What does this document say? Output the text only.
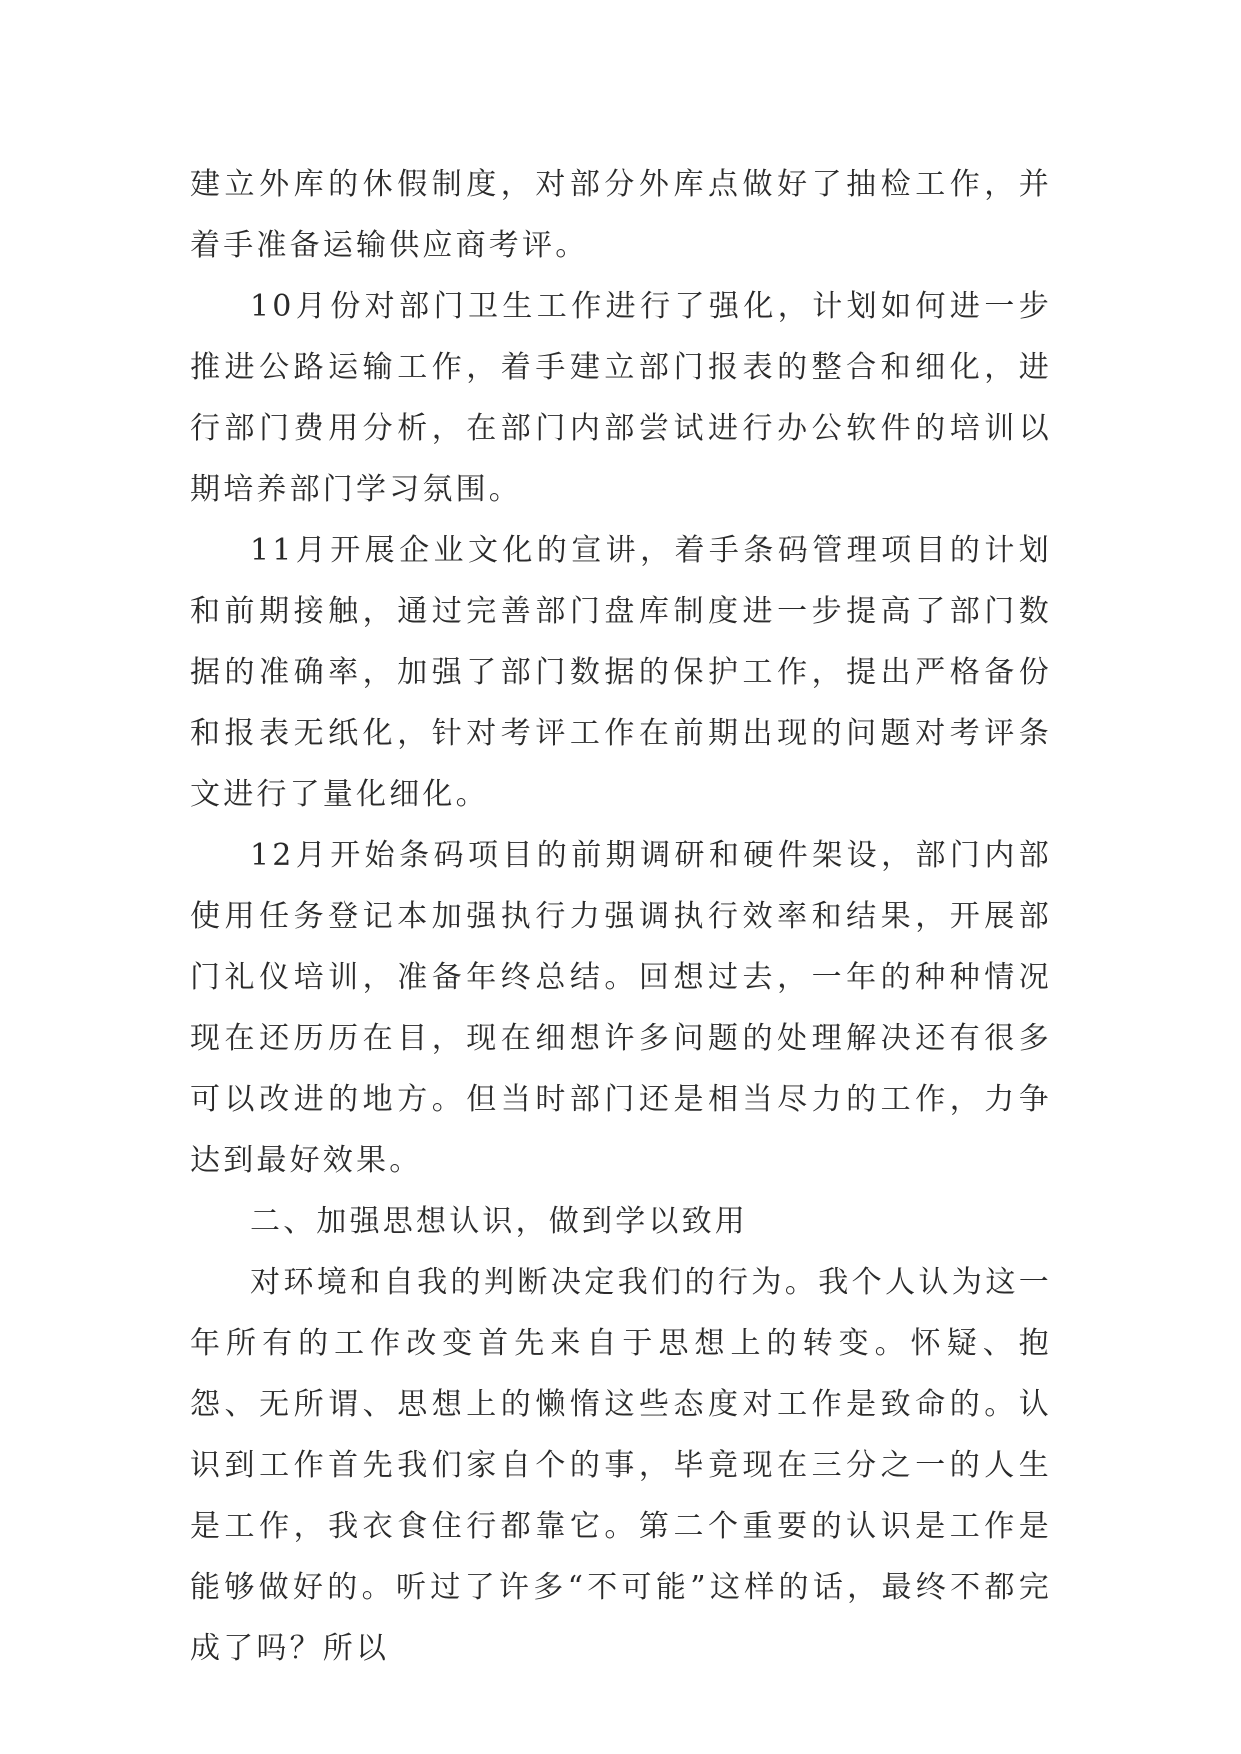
建立外库的休假制度，对部分外库点做好了抽检工作，并着手准备运输供应商考评。

10月份对部门卫生工作进行了强化，计划如何进一步推进公路运输工作，着手建立部门报表的整合和细化，进行部门费用分析，在部门内部尝试进行办公软件的培训以期培养部门学习氛围。

11月开展企业文化的宣讲，着手条码管理项目的计划和前期接触，通过完善部门盘库制度进一步提高了部门数据的准确率，加强了部门数据的保护工作，提出严格备份和报表无纸化，针对考评工作在前期出现的问题对考评条文进行了量化细化。

12月开始条码项目的前期调研和硬件架设，部门内部使用任务登记本加强执行力强调执行效率和结果，开展部门礼仪培训，准备年终总结。回想过去，一年的种种情况现在还历历在目，现在细想许多问题的处理解决还有很多可以改进的地方。但当时部门还是相当尽力的工作，力争达到最好效果。

二、加强思想认识，做到学以致用

对环境和自我的判断决定我们的行为。我个人认为这一年所有的工作改变首先来自于思想上的转变。怀疑、抱怨、无所谓、思想上的懒惰这些态度对工作是致命的。认识到工作首先我们家自个的事，毕竟现在三分之一的人生是工作，我衣食住行都靠它。第二个重要的认识是工作是能够做好的。听过了许多“不可能”这样的话，最终不都完成了吗？所以
